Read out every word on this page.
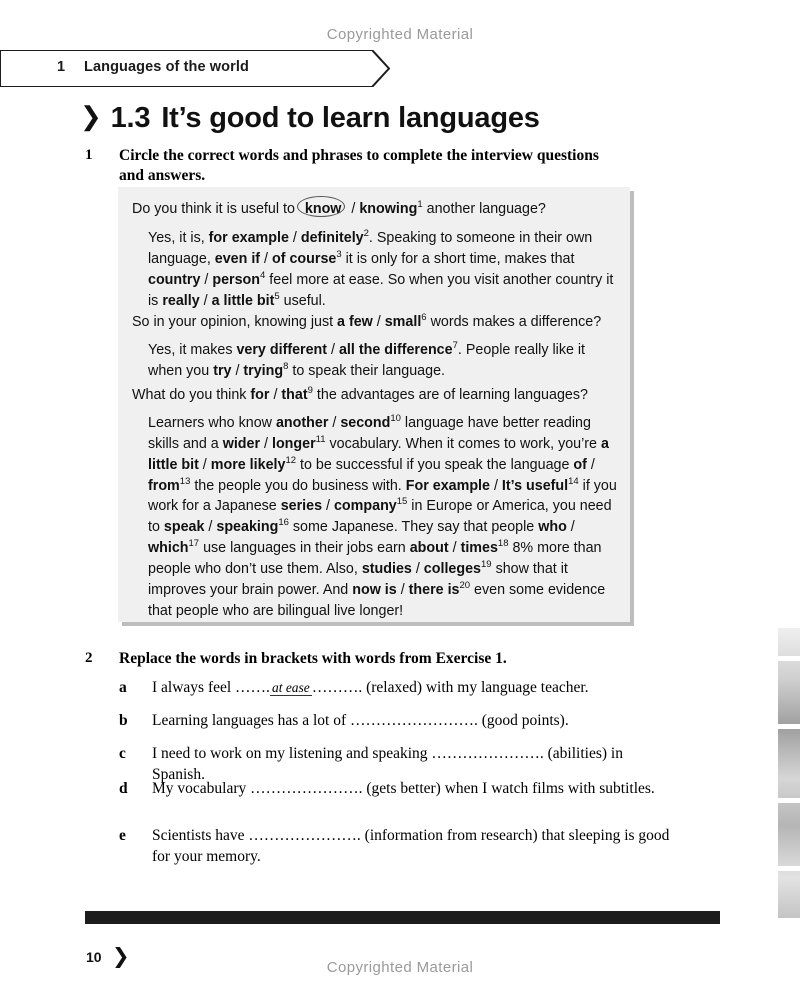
Copyrighted Material
1 Languages of the world
❯ 1.3 It’s good to learn languages
1 Circle the correct words and phrases to complete the interview questions and answers.
Do you think it is useful to know / knowing$^1$ another language?
Yes, it is, for example / definitely$^2$. Speaking to someone in their own language, even if / of course$^3$ it is only for a short time, makes that country / person$^4$ feel more at ease. So when you visit another country it is really / a little bit$^5$ useful.
So in your opinion, knowing just a few / small$^6$ words makes a difference?
Yes, it makes very different / all the difference$^7$. People really like it when you try / trying$^8$ to speak their language.
What do you think for / that$^9$ the advantages are of learning languages?
Learners who know another / second$^{10}$ language have better reading skills and a wider / longer$^{11}$ vocabulary. When it comes to work, you’re a little bit / more likely$^{12}$ to be successful if you speak the language of / from$^{13}$ the people you do business with. For example / It’s useful$^{14}$ if you work for a Japanese series / company$^{15}$ in Europe or America, you need to speak / speaking$^{16}$ some Japanese. They say that people who / which$^{17}$ use languages in their jobs earn about / times$^{18}$ 8% more than people who don’t use them. Also, studies / colleges$^{19}$ show that it improves your brain power. And now is / there $is^{20}$ even some evidence that people who are bilingual live longer!
2 Replace the words in brackets with words from Exercise 1.
a I always feel ……. at ease ………. (relaxed) with my language teacher.
b Learning languages has a lot of ……………………. (good points).
c I need to work on my listening and speaking …………………. (abilities) in Spanish.
d My vocabulary …………………. (gets better) when I watch films with subtitles.
e Scientists have …………………. (information from research) that sleeping is good for your memory.
10 ❯	Copyrighted Material
